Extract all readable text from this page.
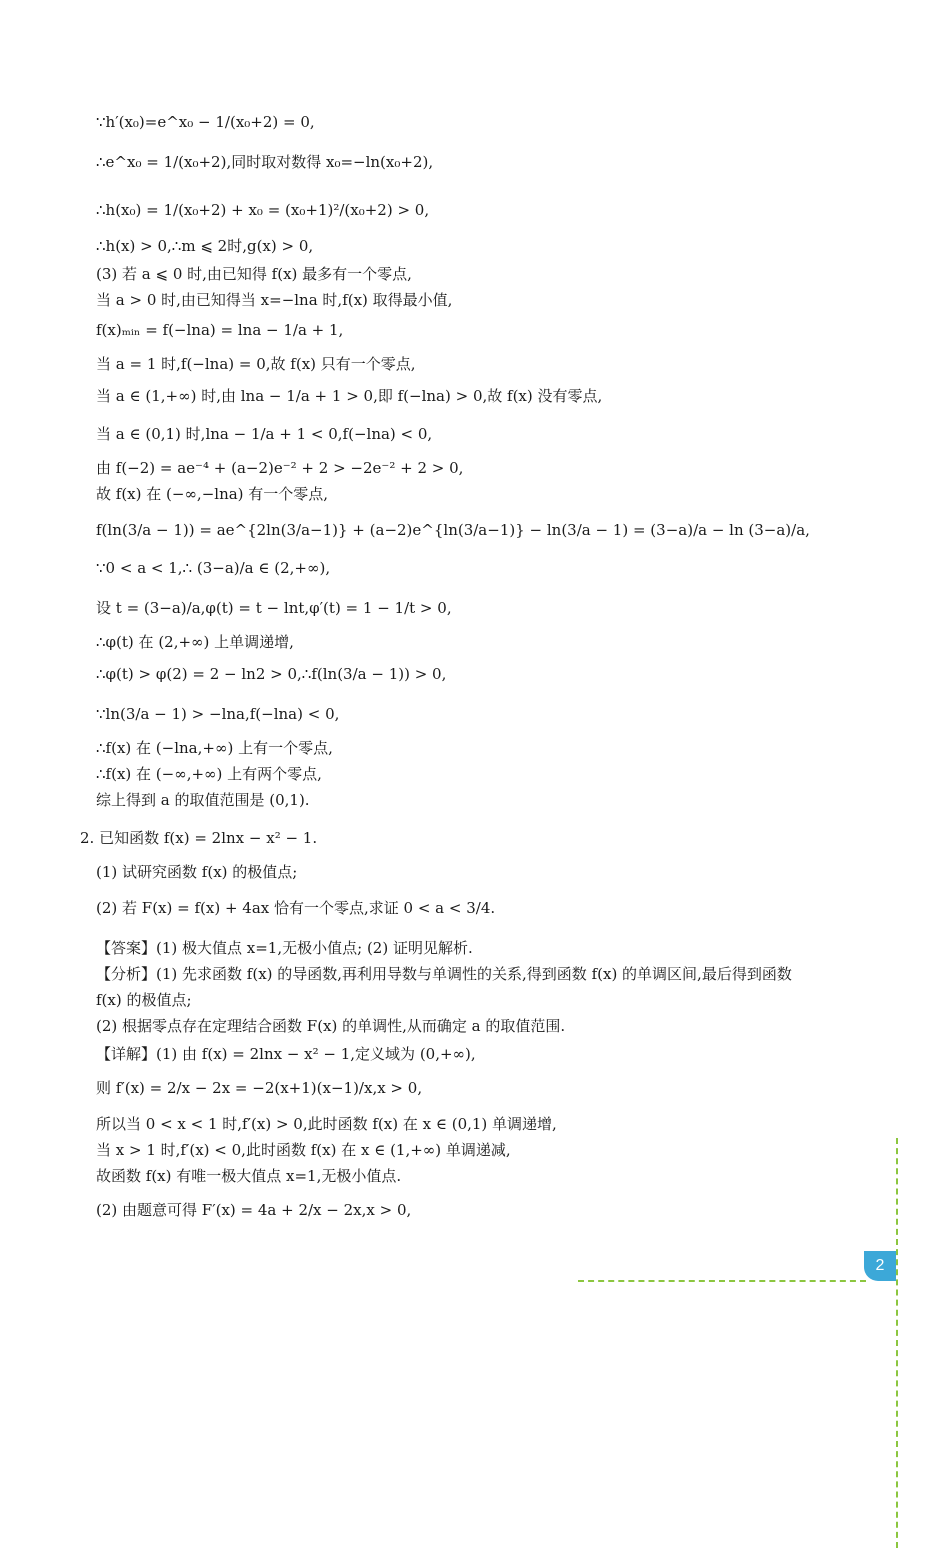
∵h′(x₀)=e^x₀ − 1/(x₀+2) = 0,
∴e^x₀ = 1/(x₀+2),同时取对数得 x₀=−ln(x₀+2),
∴h(x₀) = 1/(x₀+2) + x₀ = (x₀+1)²/(x₀+2) > 0,
∴h(x) > 0,∴m ⩽ 2时,g(x) > 0,
(3) 若 a ⩽ 0 时,由已知得 f(x) 最多有一个零点,
当 a > 0 时,由已知得当 x=−lna 时,f(x) 取得最小值,
f(x)ₘᵢₙ = f(−lna) = lna − 1/a + 1,
当 a = 1 时,f(−lna) = 0,故 f(x) 只有一个零点,
当 a ∈ (1,+∞) 时,由 lna − 1/a + 1 > 0,即 f(−lna) > 0,故 f(x) 没有零点,
当 a ∈ (0,1) 时,lna − 1/a + 1 < 0,f(−lna) < 0,
由 f(−2) = ae⁻⁴ + (a−2)e⁻² + 2 > −2e⁻² + 2 > 0,
故 f(x) 在 (−∞,−lna) 有一个零点,
f(ln(3/a − 1)) = ae^{2ln(3/a−1)} + (a−2)e^{ln(3/a−1)} − ln(3/a − 1) = (3−a)/a − ln (3−a)/a,
∵0 < a < 1,∴ (3−a)/a ∈ (2,+∞),
设 t = (3−a)/a,φ(t) = t − lnt,φ′(t) = 1 − 1/t > 0,
∴φ(t) 在 (2,+∞) 上单调递增,
∴φ(t) > φ(2) = 2 − ln2 > 0,∴f(ln(3/a − 1)) > 0,
∵ln(3/a − 1) > −lna,f(−lna) < 0,
∴f(x) 在 (−lna,+∞) 上有一个零点,
∴f(x) 在 (−∞,+∞) 上有两个零点,
综上得到 a 的取值范围是 (0,1).
2. 已知函数 f(x) = 2lnx − x² − 1.
(1) 试研究函数 f(x) 的极值点;
(2) 若 F(x) = f(x) + 4ax 恰有一个零点,求证 0 < a < 3/4.
【答案】(1) 极大值点 x=1,无极小值点; (2) 证明见解析.
【分析】(1) 先求函数 f(x) 的导函数,再利用导数与单调性的关系,得到函数 f(x) 的单调区间,最后得到函数
f(x) 的极值点;
(2) 根据零点存在定理结合函数 F(x) 的单调性,从而确定 a 的取值范围.
【详解】(1) 由 f(x) = 2lnx − x² − 1,定义域为 (0,+∞),
则 f′(x) = 2/x − 2x = −2(x+1)(x−1)/x,x > 0,
所以当 0 < x < 1 时,f′(x) > 0,此时函数 f(x) 在 x ∈ (0,1) 单调递增,
当 x > 1 时,f′(x) < 0,此时函数 f(x) 在 x ∈ (1,+∞) 单调递减,
故函数 f(x) 有唯一极大值点 x=1,无极小值点.
(2) 由题意可得 F′(x) = 4a + 2/x − 2x,x > 0,
2
